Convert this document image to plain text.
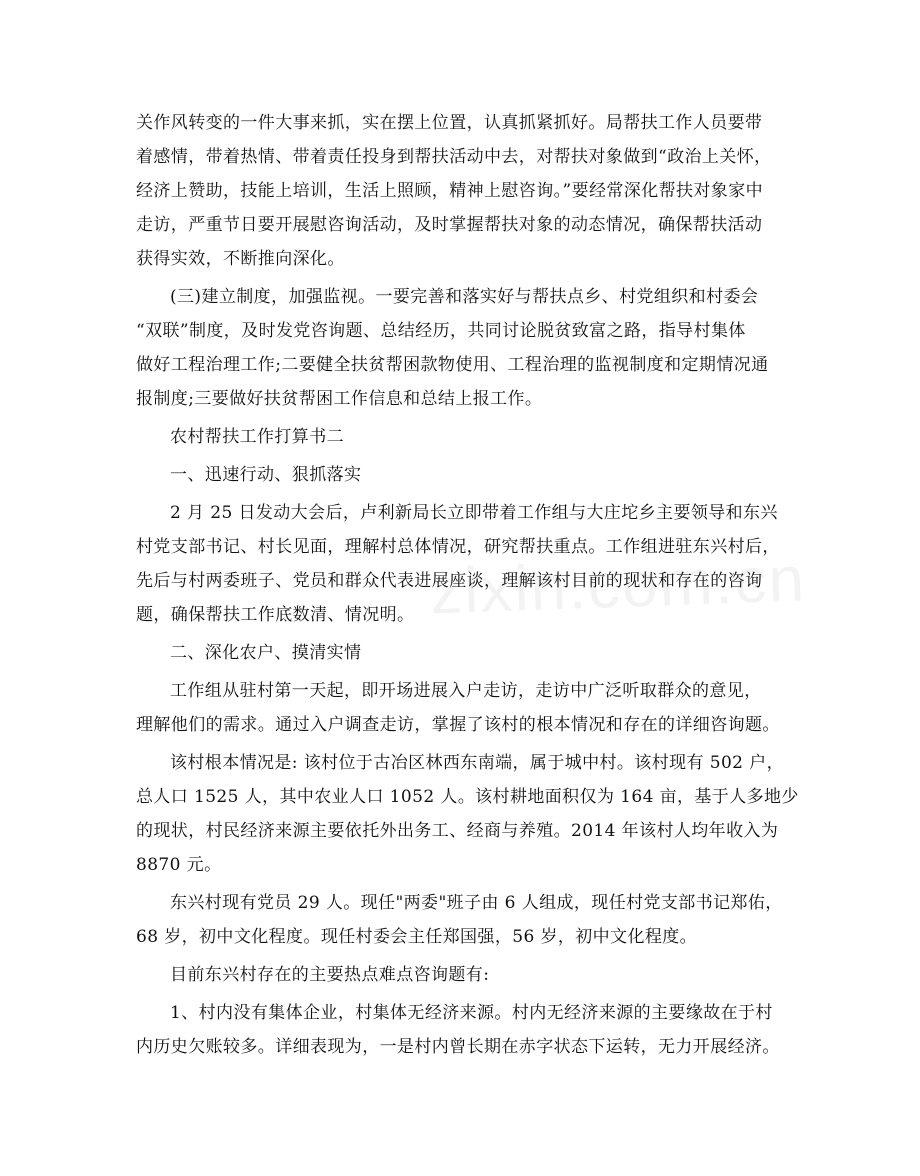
关作风转变的一件大事来抓，实在摆上位置，认真抓紧抓好。局帮扶工作人员要带
着感情，带着热情、带着责任投身到帮扶活动中去，对帮扶对象做到“政治上关怀，
经济上赞助，技能上培训，生活上照顾，精神上慰咨询。”要经常深化帮扶对象家中
走访，严重节日要开展慰咨询活动，及时掌握帮扶对象的动态情况，确保帮扶活动
获得实效，不断推向深化。
(三)建立制度，加强监视。一要完善和落实好与帮扶点乡、村党组织和村委会
“双联”制度，及时发党咨询题、总结经历，共同讨论脱贫致富之路，指导村集体
做好工程治理工作;二要健全扶贫帮困款物使用、工程治理的监视制度和定期情况通
报制度;三要做好扶贫帮困工作信息和总结上报工作。
农村帮扶工作打算书二
一、迅速行动、狠抓落实
2 月 25 日发动大会后，卢利新局长立即带着工作组与大庄坨乡主要领导和东兴
村党支部书记、村长见面，理解村总体情况，研究帮扶重点。工作组进驻东兴村后，
先后与村两委班子、党员和群众代表进展座谈，理解该村目前的现状和存在的咨询
题，确保帮扶工作底数清、情况明。
二、深化农户、摸清实情
工作组从驻村第一天起，即开场进展入户走访，走访中广泛听取群众的意见，
理解他们的需求。通过入户调查走访，掌握了该村的根本情况和存在的详细咨询题。
该村根本情况是: 该村位于古冶区林西东南端，属于城中村。该村现有 502 户，
总人口 1525 人，其中农业人口 1052 人。该村耕地面积仅为 164 亩，基于人多地少
的现状，村民经济来源主要依托外出务工、经商与养殖。2014 年该村人均年收入为
8870 元。
东兴村现有党员 29 人。现任"两委"班子由 6 人组成，现任村党支部书记郑佑，
68 岁，初中文化程度。现任村委会主任郑国强，56 岁，初中文化程度。
目前东兴村存在的主要热点难点咨询题有:
1、村内没有集体企业，村集体无经济来源。村内无经济来源的主要缘故在于村
内历史欠账较多。详细表现为，一是村内曾长期在赤字状态下运转，无力开展经济。
